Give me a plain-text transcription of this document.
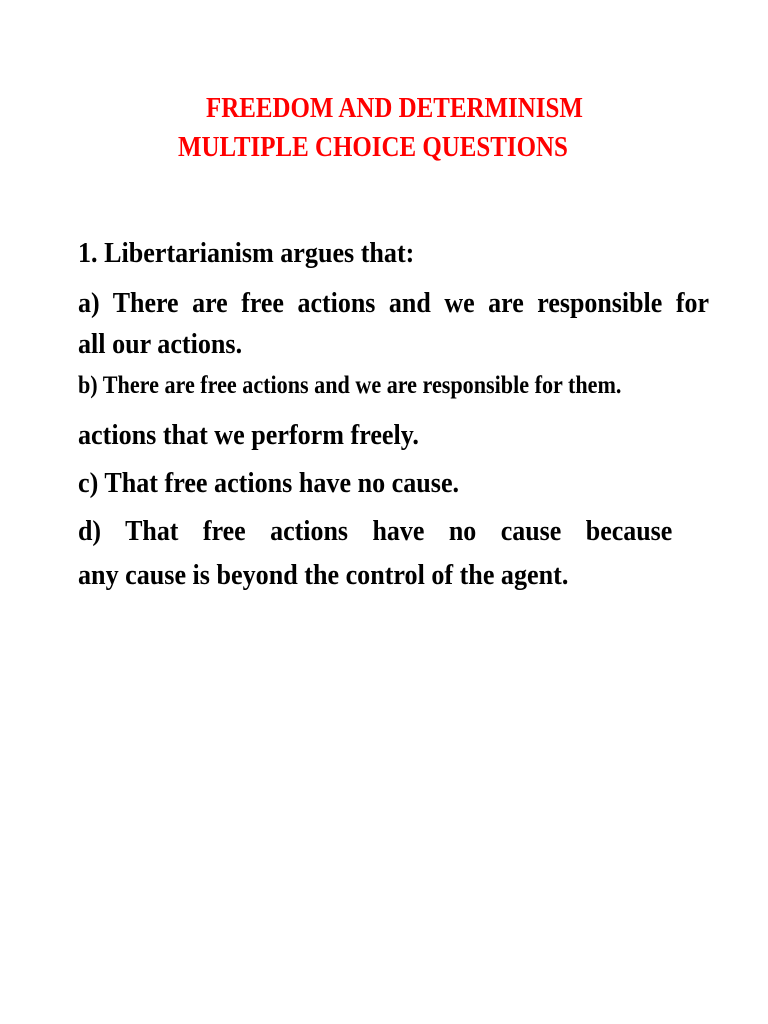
FREEDOM AND DETERMINISM
MULTIPLE CHOICE QUESTIONS
1. Libertarianism argues that:
a) There are free actions and we are responsible for
all our actions.
b) There are free actions and we are responsible for them.
actions that we perform freely.
c) That free actions have no cause.
d) That free actions have no cause because
any cause is beyond the control of the agent.
